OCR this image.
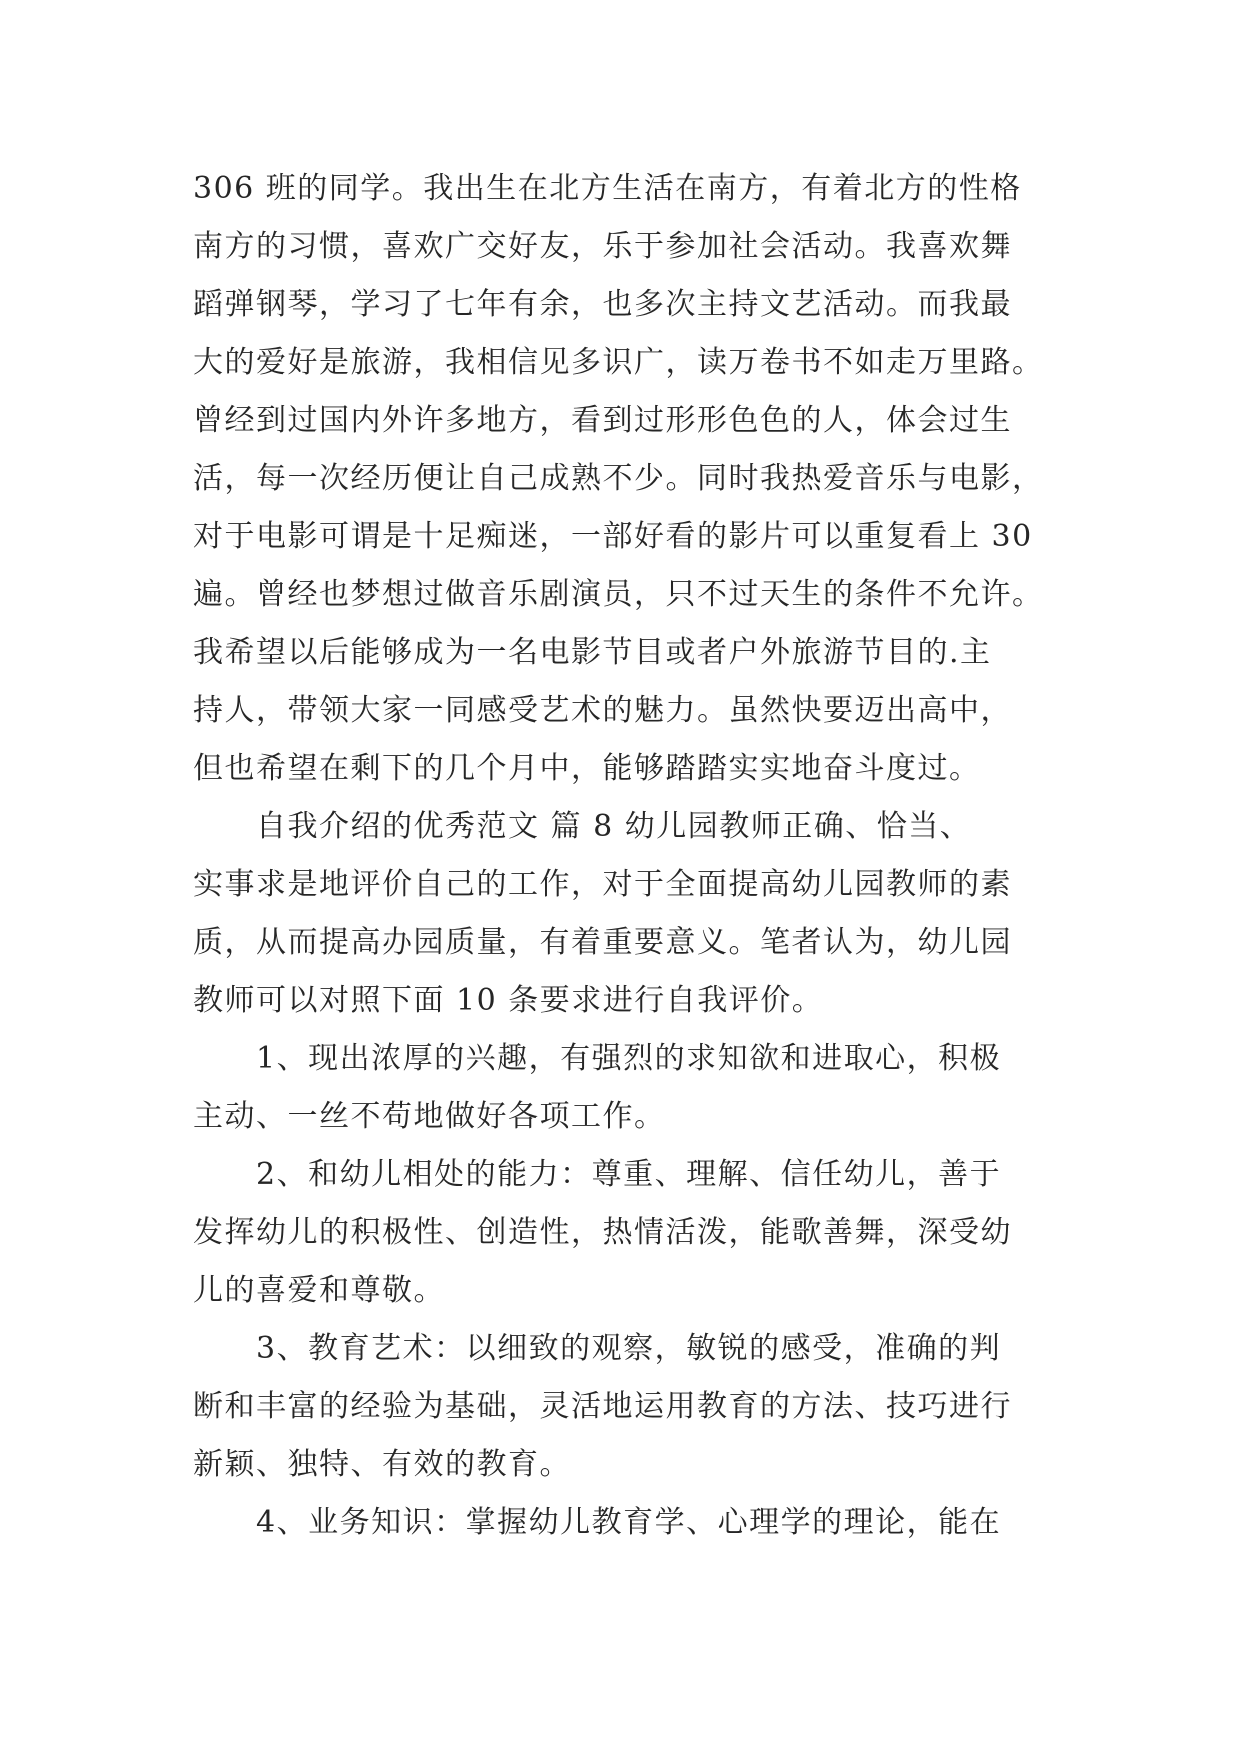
306 班的同学。我出生在北方生活在南方，有着北方的性格
南方的习惯，喜欢广交好友，乐于参加社会活动。我喜欢舞
蹈弹钢琴，学习了七年有余，也多次主持文艺活动。而我最
大的爱好是旅游，我相信见多识广，读万卷书不如走万里路。
曾经到过国内外许多地方，看到过形形色色的人，体会过生
活，每一次经历便让自己成熟不少。同时我热爱音乐与电影，
对于电影可谓是十足痴迷，一部好看的影片可以重复看上 30
遍。曾经也梦想过做音乐剧演员，只不过天生的条件不允许。
我希望以后能够成为一名电影节目或者户外旅游节目的.主
持人，带领大家一同感受艺术的魅力。虽然快要迈出高中，
但也希望在剩下的几个月中，能够踏踏实实地奋斗度过。
自我介绍的优秀范文 篇 8 幼儿园教师正确、恰当、
实事求是地评价自己的工作，对于全面提高幼儿园教师的素
质，从而提高办园质量，有着重要意义。笔者认为，幼儿园
教师可以对照下面 10 条要求进行自我评价。
1、现出浓厚的兴趣，有强烈的求知欲和进取心，积极
主动、一丝不苟地做好各项工作。
2、和幼儿相处的能力：尊重、理解、信任幼儿，善于
发挥幼儿的积极性、创造性，热情活泼，能歌善舞，深受幼
儿的喜爱和尊敬。
3、教育艺术：以细致的观察，敏锐的感受，准确的判
断和丰富的经验为基础，灵活地运用教育的方法、技巧进行
新颖、独特、有效的教育。
4、业务知识：掌握幼儿教育学、心理学的理论，能在
